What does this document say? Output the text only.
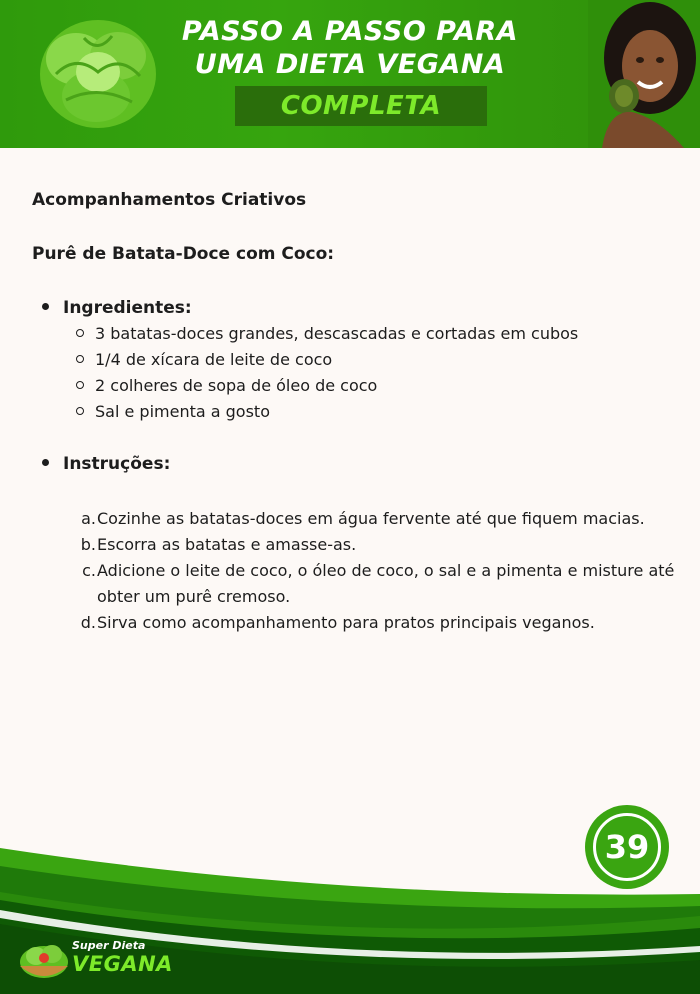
PASSO A PASSO PARA
UMA DIETA VEGANA
COMPLETA
Acompanhamentos Criativos
Purê de Batata-Doce com Coco:
Ingredientes:
3 batatas-doces grandes, descascadas e cortadas em cubos
1/4 de xícara de leite de coco
2 colheres de sopa de óleo de coco
Sal e pimenta a gosto
Instruções:
a. Cozinhe as batatas-doces em água fervente até que fiquem macias.
b. Escorra as batatas e amasse-as.
c. Adicione o leite de coco, o óleo de coco, o sal e a pimenta e misture até obter um purê cremoso.
d. Sirva como acompanhamento para pratos principais veganos.
39
Super Dieta
VEGANA
